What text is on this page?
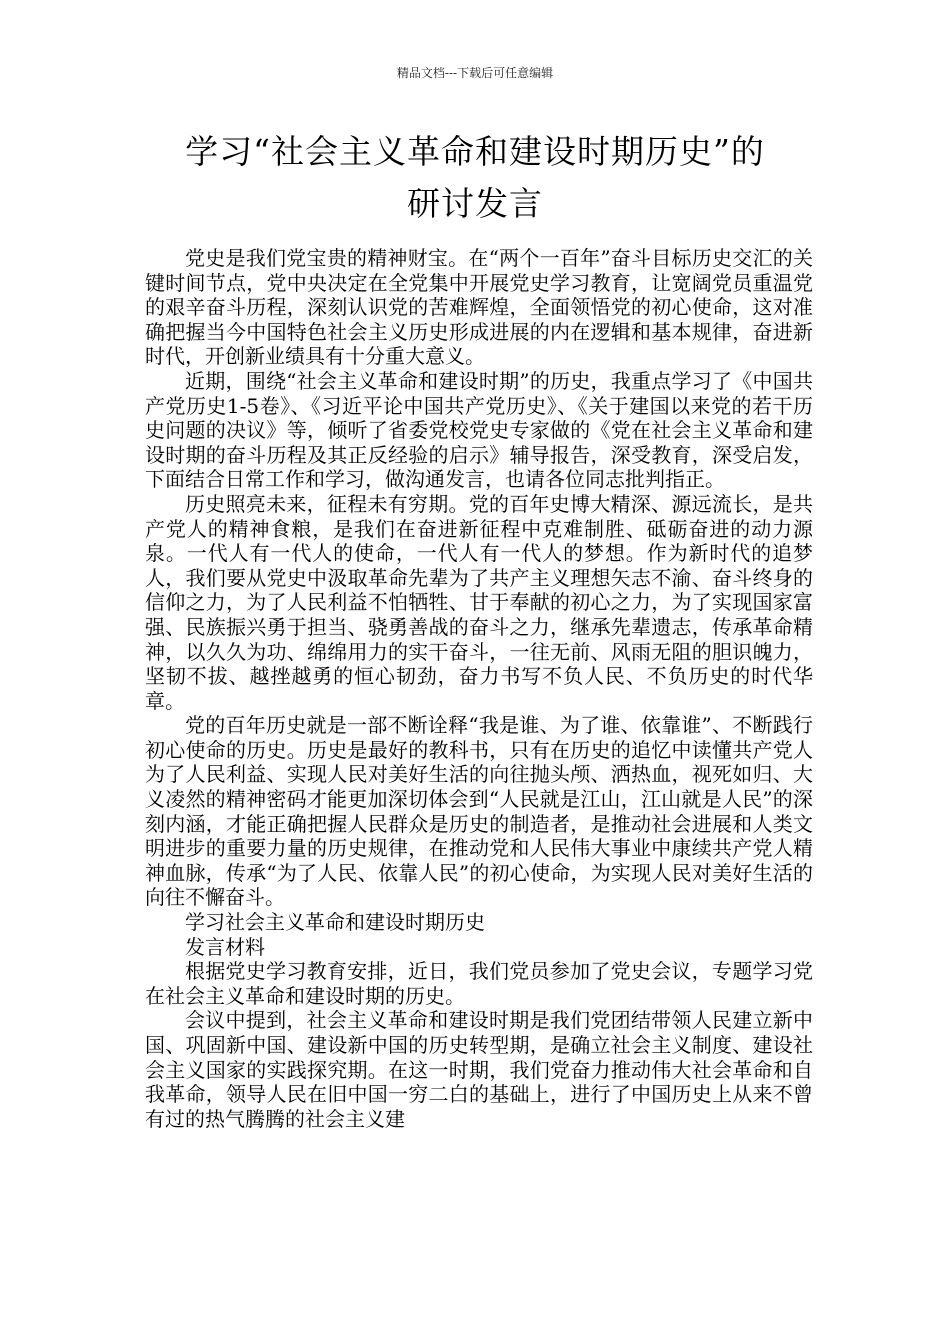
精品文档---下载后可任意编辑
学习“社会主义革命和建设时期历史”的
研讨发言

党史是我们党宝贵的精神财宝。在“两个一百年”奋斗目标历史交汇的关键时间节点，党中央决定在全党集中开展党史学习教育，让宽阔党员重温党的艰辛奋斗历程，深刻认识党的苦难辉煌，全面领悟党的初心使命，这对准确把握当今中国特色社会主义历史形成进展的内在逻辑和基本规律，奋进新时代，开创新业绩具有十分重大意义。

近期，围绕“社会主义革命和建设时期”的历史，我重点学习了《中国共产党历史1-5卷》、《习近平论中国共产党历史》、《关于建国以来党的若干历史问题的决议》等，倾听了省委党校党史专家做的《党在社会主义革命和建设时期的奋斗历程及其正反经验的启示》辅导报告，深受教育，深受启发，下面结合日常工作和学习，做沟通发言，也请各位同志批判指正。

历史照亮未来，征程未有穷期。党的百年史博大精深、源远流长，是共产党人的精神食粮，是我们在奋进新征程中克难制胜、砥砺奋进的动力源泉。一代人有一代人的使命，一代人有一代人的梦想。作为新时代的追梦人，我们要从党史中汲取革命先辈为了共产主义理想矢志不渝、奋斗终身的信仰之力，为了人民利益不怕牺牲、甘于奉献的初心之力，为了实现国家富强、民族振兴勇于担当、骁勇善战的奋斗之力，继承先辈遗志，传承革命精神，以久久为功、绵绵用力的实干奋斗，一往无前、风雨无阻的胆识魄力，坚韧不拔、越挫越勇的恒心韧劲，奋力书写不负人民、不负历史的时代华章。

党的百年历史就是一部不断诠释“我是谁、为了谁、依靠谁”、不断践行初心使命的历史。历史是最好的教科书，只有在历史的追忆中读懂共产党人为了人民利益、实现人民对美好生活的向往抛头颅、洒热血，视死如归、大义凌然的精神密码才能更加深切体会到“人民就是江山，江山就是人民”的深刻内涵，才能正确把握人民群众是历史的制造者，是推动社会进展和人类文明进步的重要力量的历史规律，在推动党和人民伟大事业中康续共产党人精神血脉，传承“为了人民、依靠人民”的初心使命，为实现人民对美好生活的向往不懈奋斗。

学习社会主义革命和建设时期历史

发言材料

根据党史学习教育安排，近日，我们党员参加了党史会议，专题学习党在社会主义革命和建设时期的历史。

会议中提到，社会主义革命和建设时期是我们党团结带领人民建立新中国、巩固新中国、建设新中国的历史转型期，是确立社会主义制度、建设社会主义国家的实践探究期。在这一时期，我们党奋力推动伟大社会革命和自我革命，领导人民在旧中国一穷二白的基础上，进行了中国历史上从来不曾有过的热气腾腾的社会主义建
